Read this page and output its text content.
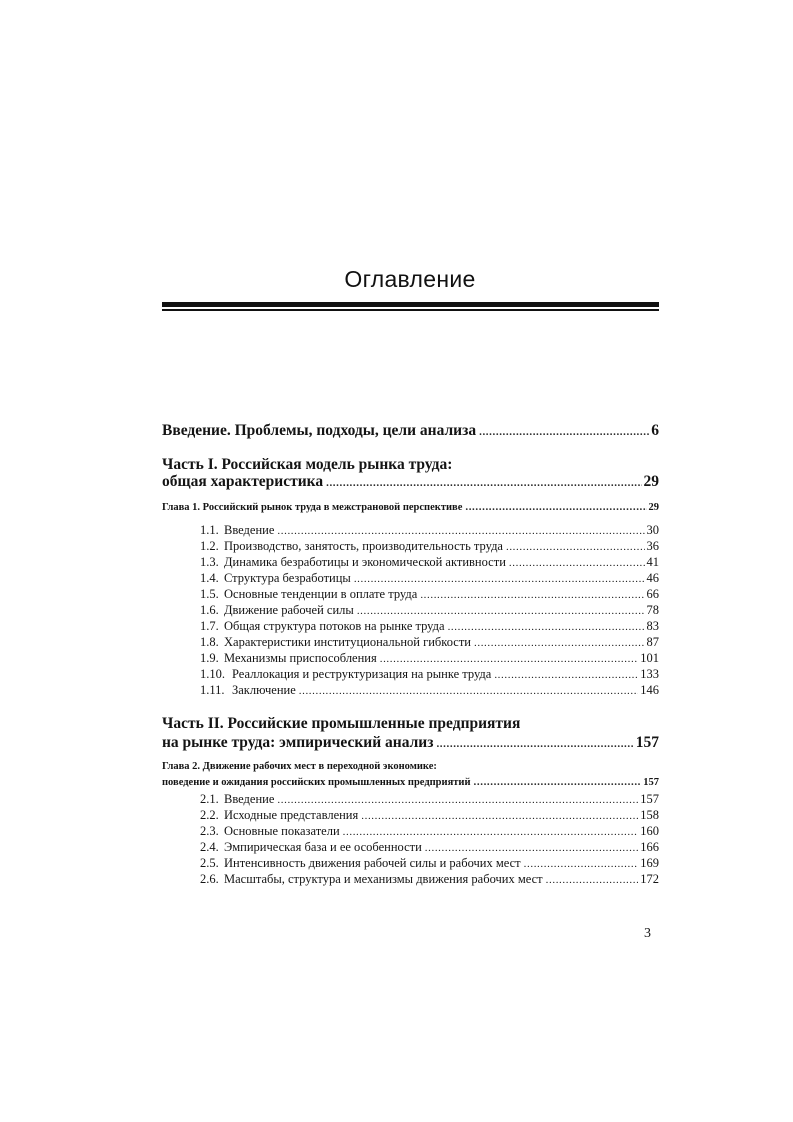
Оглавление
Введение. Проблемы, подходы, цели анализа .....	6
Часть I. Российская модель рынка труда:
общая характеристика .....	29
Глава 1. Российский рынок труда в межстрановой перспективе .....	29
1.1. Введение .....	30
1.2. Производство, занятость, производительность труда .....	36
1.3. Динамика безработицы и экономической активности .....	41
1.4. Структура безработицы .....	46
1.5. Основные тенденции в оплате труда .....	66
1.6. Движение рабочей силы .....	78
1.7. Общая структура потоков на рынке труда .....	83
1.8. Характеристики институциональной гибкости .....	87
1.9. Механизмы приспособления .....	101
1.10. Реаллокация и реструктуризация на рынке труда .....	133
1.11. Заключение .....	146
Часть II. Российские промышленные предприятия
на рынке труда: эмпирический анализ .....	157
Глава 2. Движение рабочих мест в переходной экономике:
поведение и ожидания российских промышленных предприятий .....	157
2.1. Введение .....	157
2.2. Исходные представления .....	158
2.3. Основные показатели .....	160
2.4. Эмпирическая база и ее особенности .....	166
2.5. Интенсивность движения рабочей силы и рабочих мест .....	169
2.6. Масштабы, структура и механизмы движения рабочих мест .....	172
3
